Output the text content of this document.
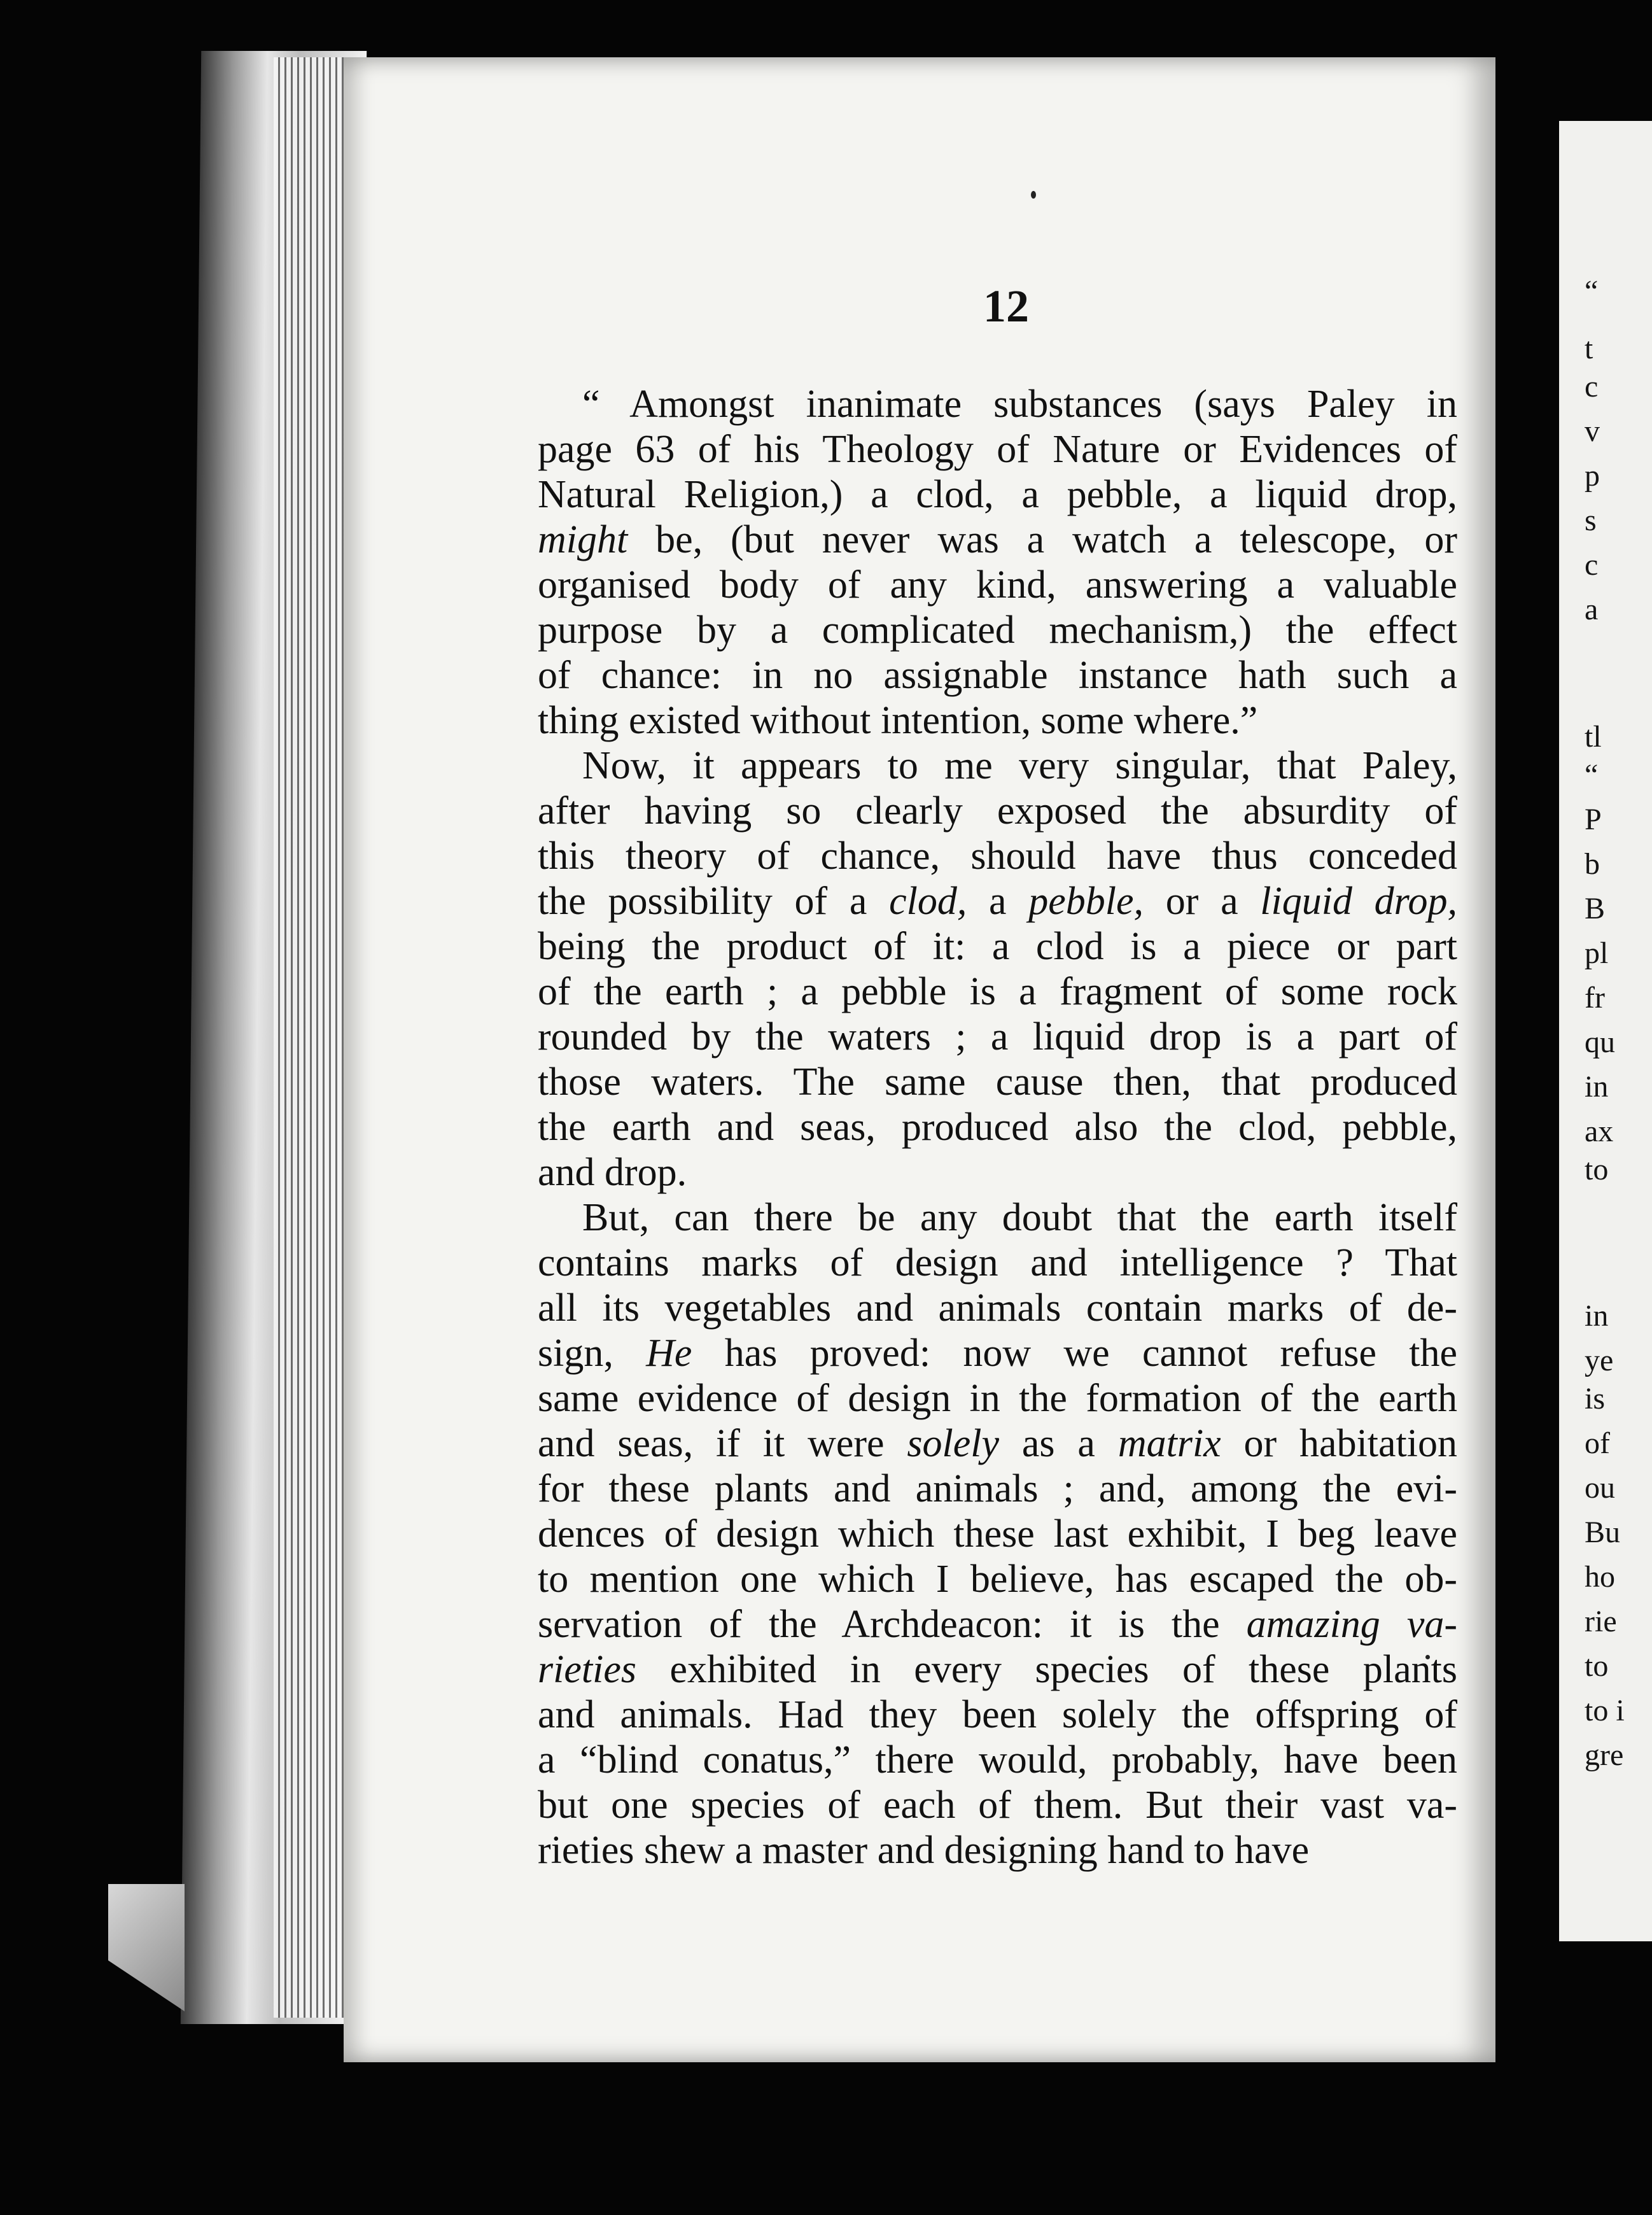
12
“ Amongst inanimate substances (says Paley in
page 63 of his Theology of Nature or Evidences of
Natural Religion,) a clod, a pebble, a liquid drop,
might be, (but never was a watch a telescope, or
organised body of any kind, answering a valuable
purpose by a complicated mechanism,) the effect
of chance: in no assignable instance hath such a
thing existed without intention, some where.”
Now, it appears to me very singular, that Paley,
after having so clearly exposed the absurdity of
this theory of chance, should have thus conceded
the possibility of a clod, a pebble, or a liquid drop,
being the product of it: a clod is a piece or part
of the earth ; a pebble is a fragment of some rock
rounded by the waters ; a liquid drop is a part of
those waters. The same cause then, that produced
the earth and seas, produced also the clod, pebble,
and drop.
But, can there be any doubt that the earth itself
contains marks of design and intelligence ? That
all its vegetables and animals contain marks of de-
sign, He has proved: now we cannot refuse the
same evidence of design in the formation of the earth
and seas, if it were solely as a matrix or habitation
for these plants and animals ; and, among the evi-
dences of design which these last exhibit, I beg leave
to mention one which I believe, has escaped the ob-
servation of the Archdeacon: it is the amazing va-
rieties exhibited in every species of these plants
and animals. Had they been solely the offspring of
a “blind conatus,” there would, probably, have been
but one species of each of them. But their vast va-
rieties shew a master and designing hand to have
“
t
c
v
p
s
c
a
tl
“
P
b
B
pl
fr
qu
in
ax
to
in
ye
is
of
ou
Bu
ho
rie
to
to i
gre
